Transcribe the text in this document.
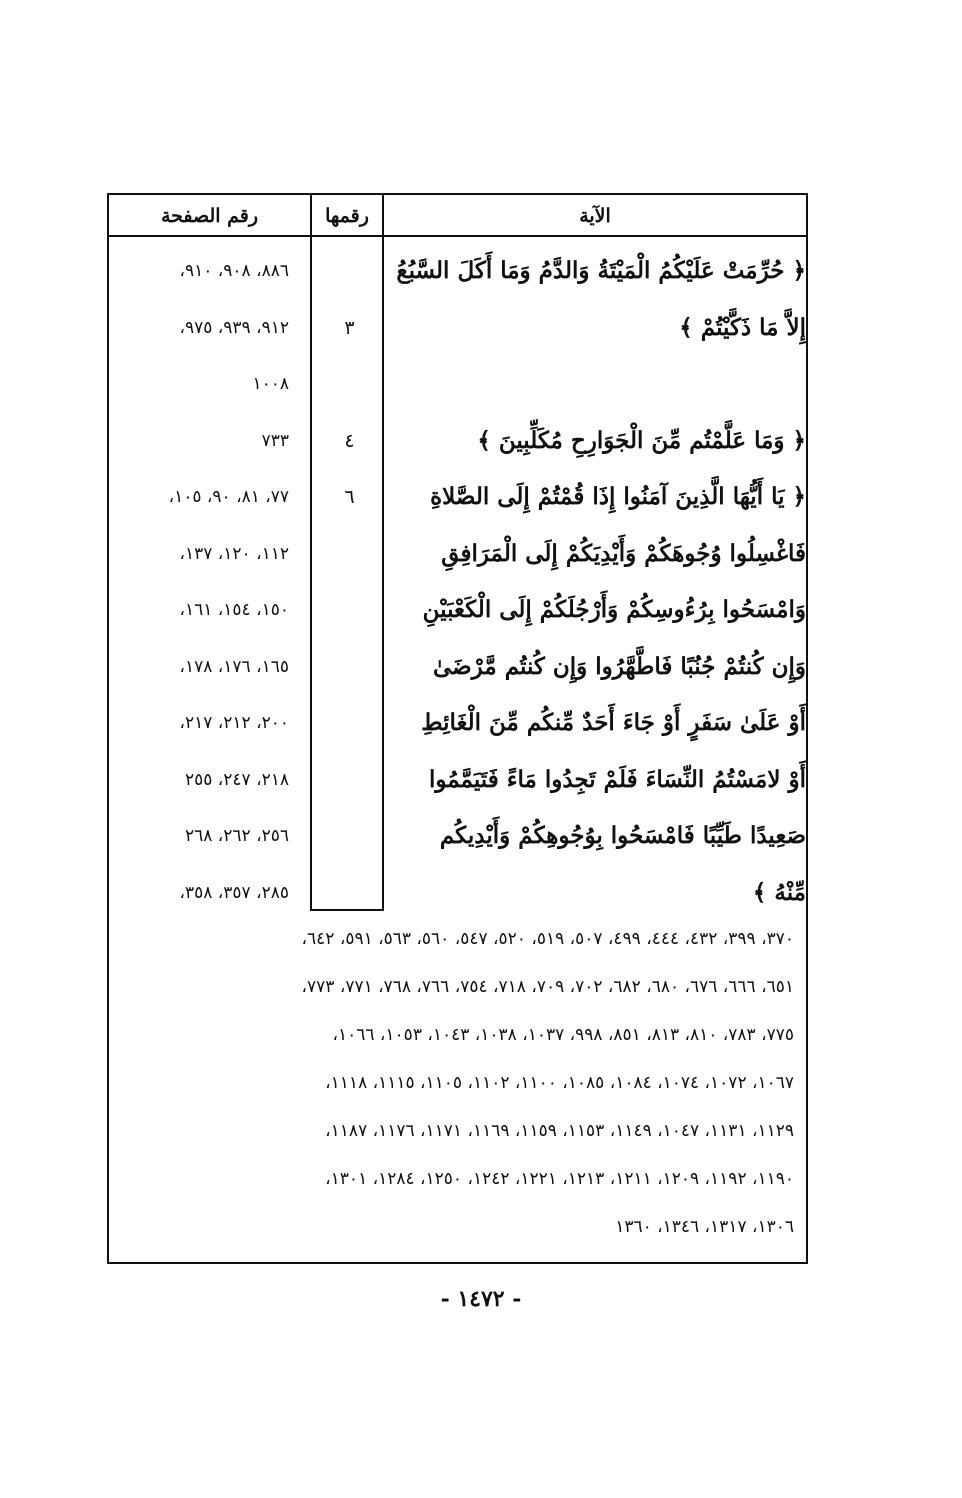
الآية
رقمها
رقم الصفحة
﴿ حُرِّمَتْ عَلَيْكُمُ الْمَيْتَةُ وَالدَّمُ وَمَا أَكَلَ السَّبُعُ
٨٨٦، ٩٠٨، ٩١٠،
إِلاَّ مَا ذَكَّيْتُمْ ﴾
٣
٩١٢، ٩٣٩، ٩٧٥،
١٠٠٨
﴿ وَمَا عَلَّمْتُم مِّنَ الْجَوَارِحِ مُكَلِّبِينَ ﴾
٤
٧٣٣
﴿ يَا أَيُّهَا الَّذِينَ آمَنُوا إِذَا قُمْتُمْ إِلَى الصَّلاةِ
٦
٧٧، ٨١، ٩٠، ١٠٥،
فَاغْسِلُوا وُجُوهَكُمْ وَأَيْدِيَكُمْ إِلَى الْمَرَافِقِ
١١٢، ١٢٠، ١٣٧،
وَامْسَحُوا بِرُءُوسِكُمْ وَأَرْجُلَكُمْ إِلَى الْكَعْبَيْنِ
١٥٠، ١٥٤، ١٦١،
وَإِن كُنتُمْ جُنُبًا فَاطَّهَّرُوا وَإِن كُنتُم مَّرْضَىٰ
١٦٥، ١٧٦، ١٧٨،
أَوْ عَلَىٰ سَفَرٍ أَوْ جَاءَ أَحَدٌ مِّنكُم مِّنَ الْغَائِطِ
٢٠٠، ٢١٢، ٢١٧،
أَوْ لامَسْتُمُ النِّسَاءَ فَلَمْ تَجِدُوا مَاءً فَتَيَمَّمُوا
٢١٨، ٢٤٧، ٢٥٥
صَعِيدًا طَيِّبًا فَامْسَحُوا بِوُجُوهِكُمْ وَأَيْدِيكُم
٢٥٦، ٢٦٢، ٢٦٨
مِّنْهُ ﴾
٢٨٥، ٣٥٧، ٣٥٨،
٣٧٠، ٣٩٩، ٤٣٢، ٤٤٤، ٤٩٩، ٥٠٧، ٥١٩، ٥٢٠، ٥٤٧، ٥٦٠، ٥٦٣، ٥٩١، ٦٤٢،
٦٥١، ٦٦٦، ٦٧٦، ٦٨٠، ٦٨٢، ٧٠٢، ٧٠٩، ٧١٨، ٧٥٤، ٧٦٦، ٧٦٨، ٧٧١، ٧٧٣،
٧٧٥، ٧٨٣، ٨١٠، ٨١٣، ٨٥١، ٩٩٨، ١٠٣٧، ١٠٣٨، ١٠٤٣، ١٠٥٣، ١٠٦٦،
١٠٦٧، ١٠٧٢، ١٠٧٤، ١٠٨٤، ١٠٨٥، ١١٠٠، ١١٠٢، ١١٠٥، ١١١٥، ١١١٨،
١١٢٩، ١١٣١، ١٠٤٧، ١١٤٩، ١١٥٣، ١١٥٩، ١١٦٩، ١١٧١، ١١٧٦، ١١٨٧،
١١٩٠، ١١٩٢، ١٢٠٩، ١٢١١، ١٢١٣، ١٢٢١، ١٢٤٢، ١٢٥٠، ١٢٨٤، ١٣٠١،
١٣٠٦، ١٣١٧، ١٣٤٦، ١٣٦٠
- ١٤٧٢ -
